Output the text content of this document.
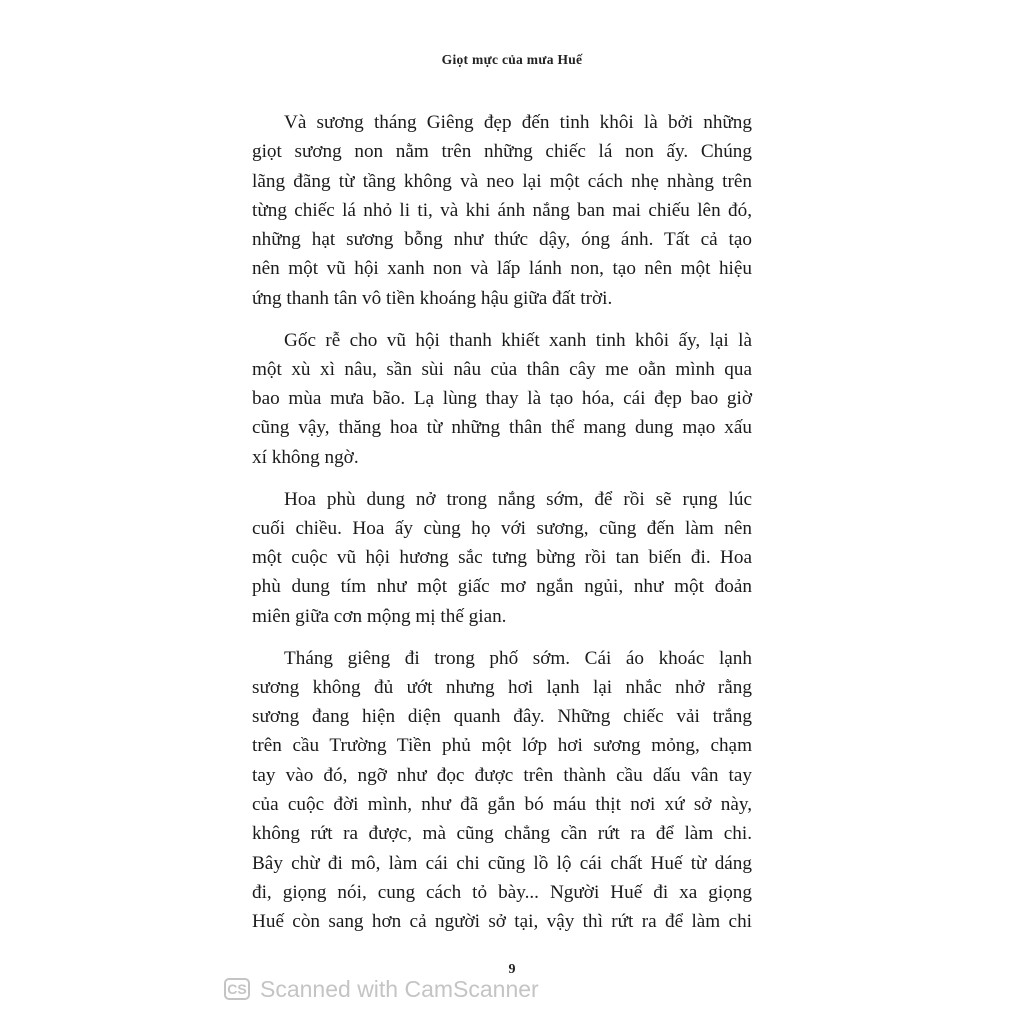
Giọt mực của mưa Huế

Và sương tháng Giêng đẹp đến tinh khôi là bởi những
giọt sương non nằm trên những chiếc lá non ấy. Chúng
lãng đãng từ tầng không và neo lại một cách nhẹ nhàng trên
từng chiếc lá nhỏ li ti, và khi ánh nắng ban mai chiếu lên đó,
những hạt sương bỗng như thức dậy, óng ánh. Tất cả tạo
nên một vũ hội xanh non và lấp lánh non, tạo nên một hiệu
ứng thanh tân vô tiền khoáng hậu giữa đất trời.

Gốc rễ cho vũ hội thanh khiết xanh tinh khôi ấy, lại là
một xù xì nâu, sần sùi nâu của thân cây me oằn mình qua
bao mùa mưa bão. Lạ lùng thay là tạo hóa, cái đẹp bao giờ
cũng vậy, thăng hoa từ những thân thể mang dung mạo xấu
xí không ngờ.

Hoa phù dung nở trong nắng sớm, để rồi sẽ rụng lúc
cuối chiều. Hoa ấy cùng họ với sương, cũng đến làm nên
một cuộc vũ hội hương sắc tưng bừng rồi tan biến đi. Hoa
phù dung tím như một giấc mơ ngắn ngủi, như một đoản
miên giữa cơn mộng mị thế gian.

Tháng giêng đi trong phố sớm. Cái áo khoác lạnh
sương không đủ ướt nhưng hơi lạnh lại nhắc nhở rằng
sương đang hiện diện quanh đây. Những chiếc vải trắng
trên cầu Trường Tiền phủ một lớp hơi sương mỏng, chạm
tay vào đó, ngỡ như đọc được trên thành cầu dấu vân tay
của cuộc đời mình, như đã gắn bó máu thịt nơi xứ sở này,
không rứt ra được, mà cũng chẳng cần rứt ra để làm chi.
Bây chừ đi mô, làm cái chi cũng lồ lộ cái chất Huế từ dáng
đi, giọng nói, cung cách tỏ bày... Người Huế đi xa giọng
Huế còn sang hơn cả người sở tại, vậy thì rứt ra để làm chi

9
CS Scanned with CamScanner
